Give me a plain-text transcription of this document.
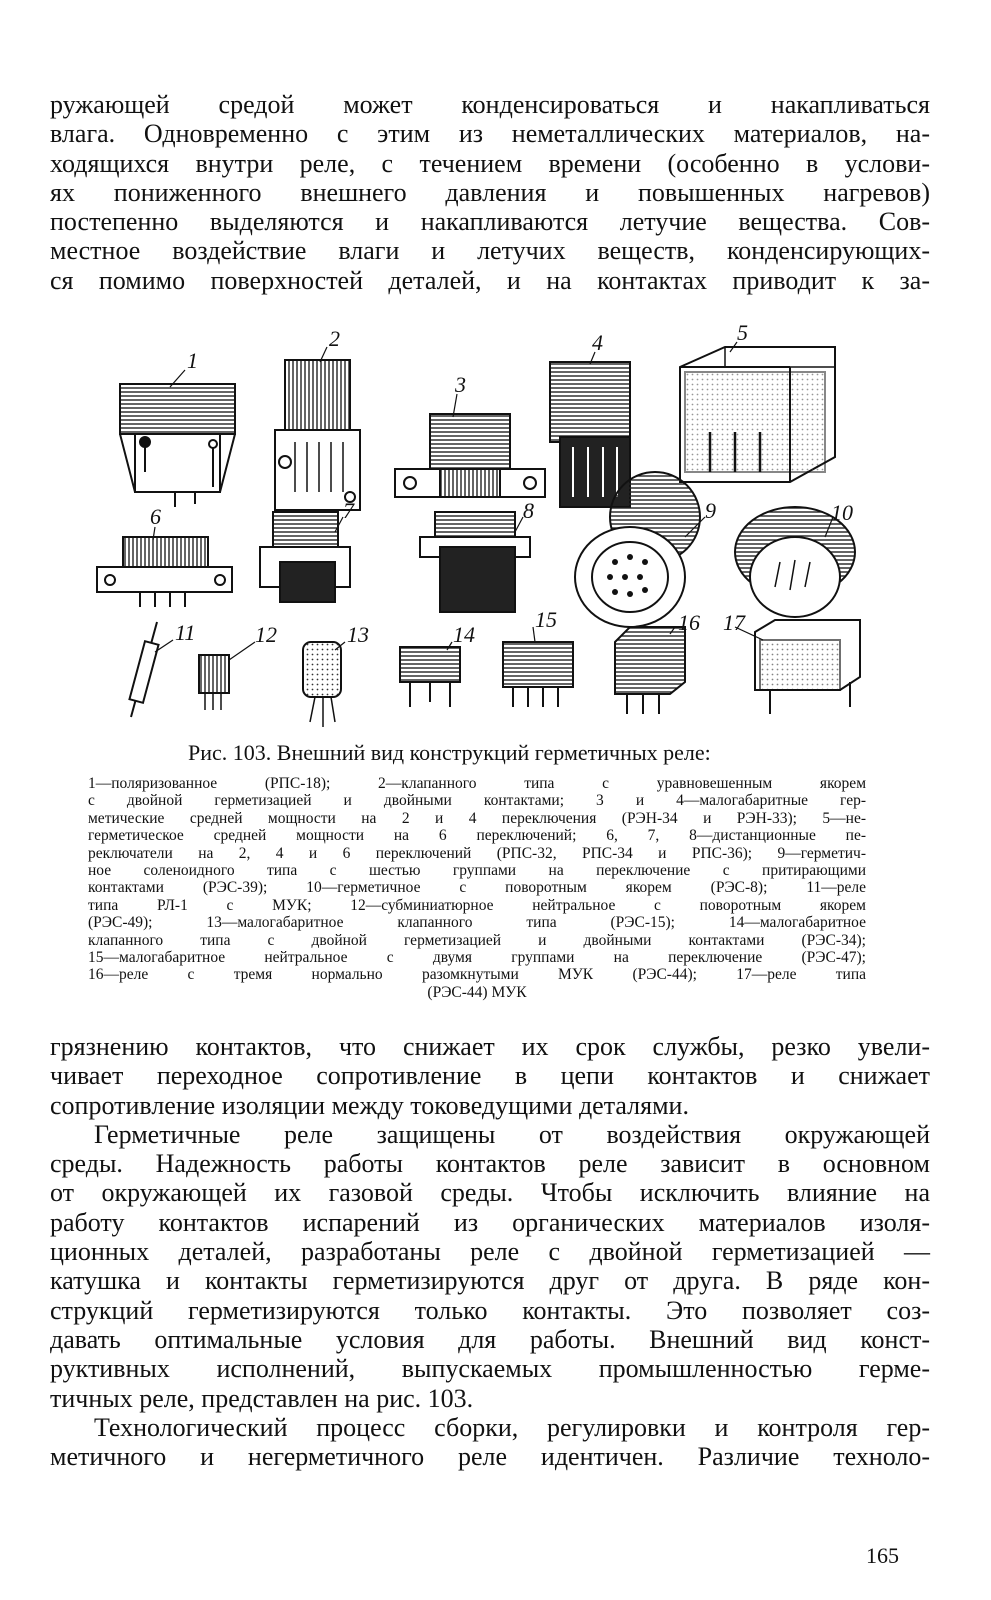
ружающей средой может конденсироваться и накапливаться
влага. Одновременно с этим из неметаллических материалов, на-
ходящихся внутри реле, с течением времени (особенно в услови-
ях пониженного внешнего давления и повышенных нагревов)
постепенно выделяются и накапливаются летучие вещества. Сов-
местное воздействие влаги и летучих веществ, конденсирующих-
ся помимо поверхностей деталей, и на контактах приводит к за-

1
2
3
4	5
6	7	8	9	10
11	12	13	14
15	16 17

Рис. 103. Внешний вид конструкций герметичных реле:

1—поляризованное (РПС-18); 2—клапанного типа с уравновешенным якорем
с двойной герметизацией и двойными контактами; 3 и 4—малогабаритные гер-
метические средней мощности на 2 и 4 переключения (РЭН-34 и РЭН-33); 5—не-
герметическое средней мощности на 6 переключений; 6, 7, 8—дистанционные пе-
реключатели на 2, 4 и 6 переключений (РПС-32, РПС-34 и РПС-36); 9—герметич-
ное соленоидного типа с шестью группами на переключение с притирающими
контактами (РЭС-39); 10—герметичное с поворотным якорем (РЭС-8); 11—реле
типа РЛ-1 с МУК; 12—субминиатюрное нейтральное с поворотным якорем
(РЭС-49); 13—малогабаритное клапанного типа (РЭС-15); 14—малогабаритное
клапанного типа с двойной герметизацией и двойными контактами (РЭС-34);
15—малогабаритное нейтральное с двумя группами на переключение (РЭС-47);
16—реле с тремя нормально разомкнутыми МУК (РЭС-44); 17—реле типа
(РЭС-44) МУК

грязнению контактов, что снижает их срок службы, резко увели-
чивает переходное сопротивление в цепи контактов и снижает
сопротивление изоляции между токоведущими деталями.
Герметичные реле защищены от воздействия окружающей
среды. Надежность работы контактов реле зависит в основном
от окружающей их газовой среды. Чтобы исключить влияние на
работу контактов испарений из органических материалов изоля-
ционных деталей, разработаны реле с двойной герметизацией —
катушка и контакты герметизируются друг от друга. В ряде кон-
струкций герметизируются только контакты. Это позволяет соз-
давать оптимальные условия для работы. Внешний вид конст-
руктивных исполнений, выпускаемых промышленностью герме-
тичных реле, представлен на рис. 103.
Технологический процесс сборки, регулировки и контроля гер-
метичного и негерметичного реле идентичен. Различие техноло-

165
